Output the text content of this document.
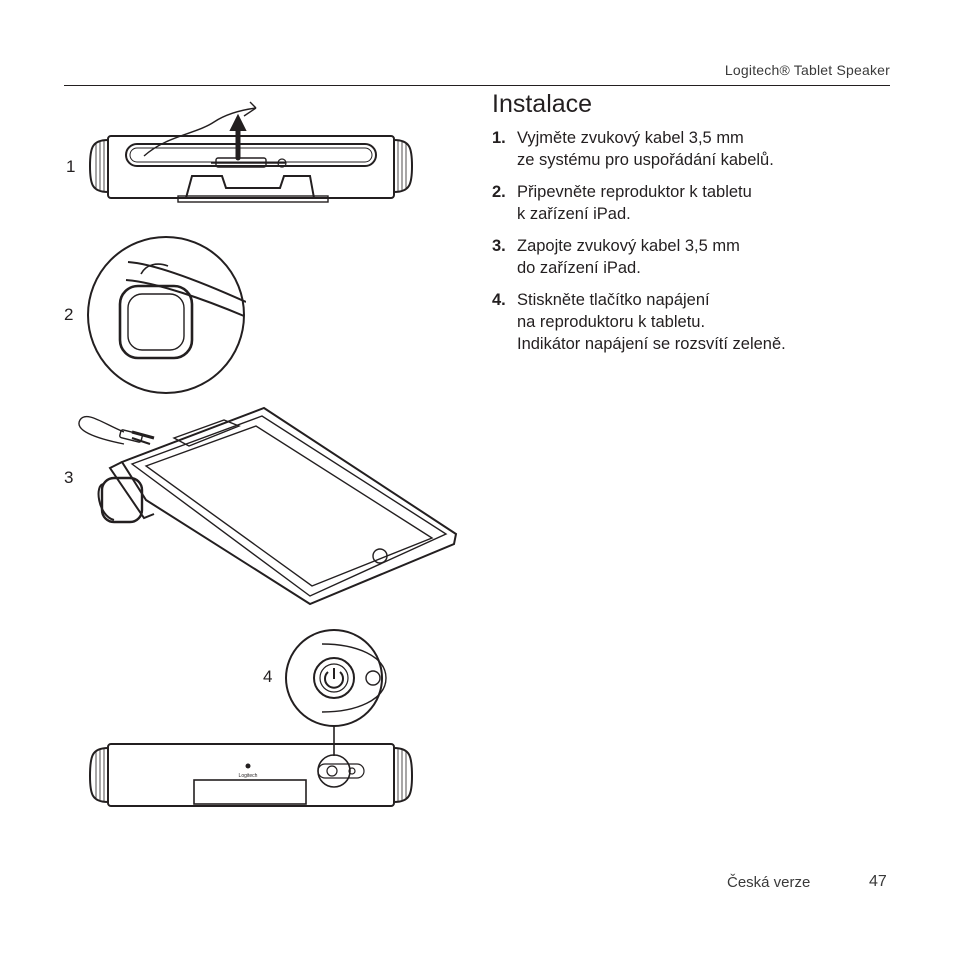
Logitech® Tablet Speaker
Instalace
1. Vyjměte zvukový kabel 3,5 mm
ze systému pro uspořádání kabelů.
2. Připevněte reproduktor k tabletu
k zařízení iPad.
3. Zapojte zvukový kabel 3,5 mm
do zařízení iPad.
4. Stiskněte tlačítko napájení
na reproduktoru k tabletu.
Indikátor napájení se rozsvítí zeleně.
1
2
3
4
Logitech
Česká verze	47
